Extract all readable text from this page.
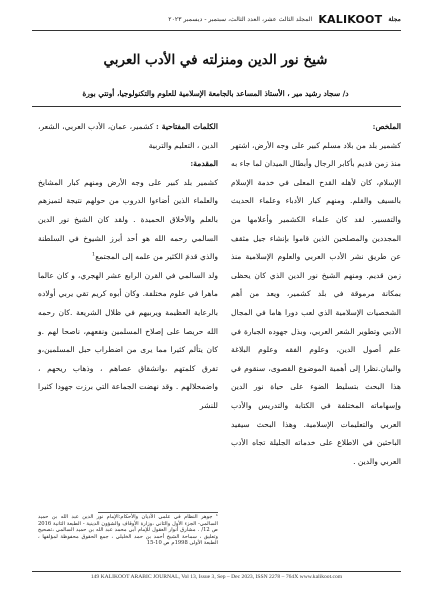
مجلة
KALIKOOT
المجلد الثالث عشر، العدد الثالث، سبتمبر - ديسمبر ٢٠٢٣
شيخ نور الدين ومنزلته في الأدب العربي
د/ سجاد رشيد مير ، الأستاذ المساعد بالجامعة الإسلامية للعلوم والتكنولوجيا، أونتي بورة

الملخص:

كشمير بلد من بلاد مسلم كبير على وجه الأرض، اشتهر منذ زمن قديم بأكابر الرجال وأبطال الميدان لما جاء به الإسلام، كان لأهله القدح المعلى في خدمة الإسلام بالسيف والقلم. ومنهم كبار الأدباء وعلماء الحديث والتفسير. لقد كان علماء الكشمير وأعلامها من المجددين والمصلحين الذين قاموا بإنشاء جيل مثقف عن طريق نشر الأدب العربي والعلوم الإسلامية منذ زمن قديم. ومنهم الشيخ نور الدين الذي كان يحظى بمكانة مرموقة في بلد كشمير، ويعد من أهم الشخصيات الإسلامية الذي لعب دورا هاما في المجال الأدبي وتطوير الشعر العربي، وبذل جهوده الجبارة في علم أصول الدين، وعلوم الفقه وعلوم البلاغة والبيان.نظرا إلى أهمية الموضوع القصوى، سنقوم في هذا البحث بتسليط الضوء على حياة نور الدين وإسهاماته المختلفة في الكتابة والتدريس والأدب العربي والتعليمات الإسلامية. وهذا البحث سيفيد الباحثين في الاطلاع على خدماته الجليلة تجاه الأدب العربي والدين .

الكلمات المفتاحية : كشمير، عمان، الأدب العربي، الشعر، الدين ، التعليم والتربية

المقدمة:

كشمير بلد كبير على وجه الأرض ومنهم كبار المشايخ والعلماء الذين أضاءوا الدروب من حولهم نتيجة لتميزهم بالعلم والأخلاق الحميدة . ولقد كان الشيخ نور الدين السالمي رحمه الله هو أحد أبرز الشيوخ في السلطنة والذي قدمَ الكثير من علمه إلى المجتمع$^1$

ولد السالمي في القرن الرابع عشر الهجري، و كان عالما ماهرا في علوم مختلفة. وكان أبوه كريم تقي يربي أولاده بالرعاية العظيمة ويربيهم في ظلال الشريعة .كان رحمه الله حريصا على إصلاح المسلمين ونفعهم، ناصحا لهم .و كان يتألم كثيرا مما يرى من اضطراب حبل المسلمين،و تفرق كلمتهم ،وانشقاق عصاهم ، وذهاب ريحهم ، واضمحلالهم . وقد نهضت الجماعة التي برزت جهودا كثيرا للنشر

¹ جوهر النظام في علمي الأديان والأحكام:الإمام نور الدين عبد الله بن حميد السالمي- الجزء الأول والثاني ،وزارة الأوقاف والشؤون الدينية - الطبعة الثانية 2016 ص 12/ . مشارق أنوار العقول للإمام أبي محمد عبد الله بن حميد السالمي ،تصحيح وتعليق ، سماحة الشيخ أحمد بن حمد الخليلي ، جمع الحقوق محفوظة لمؤلفها ، الطبعة الأولى 1998م ص 10-15
149 KALIKOOT ARABIC JOURNAL, Vol 13, Issue 3, Sep – Dec 2023, ISSN 2278 – 764X www.kalikoot.com
